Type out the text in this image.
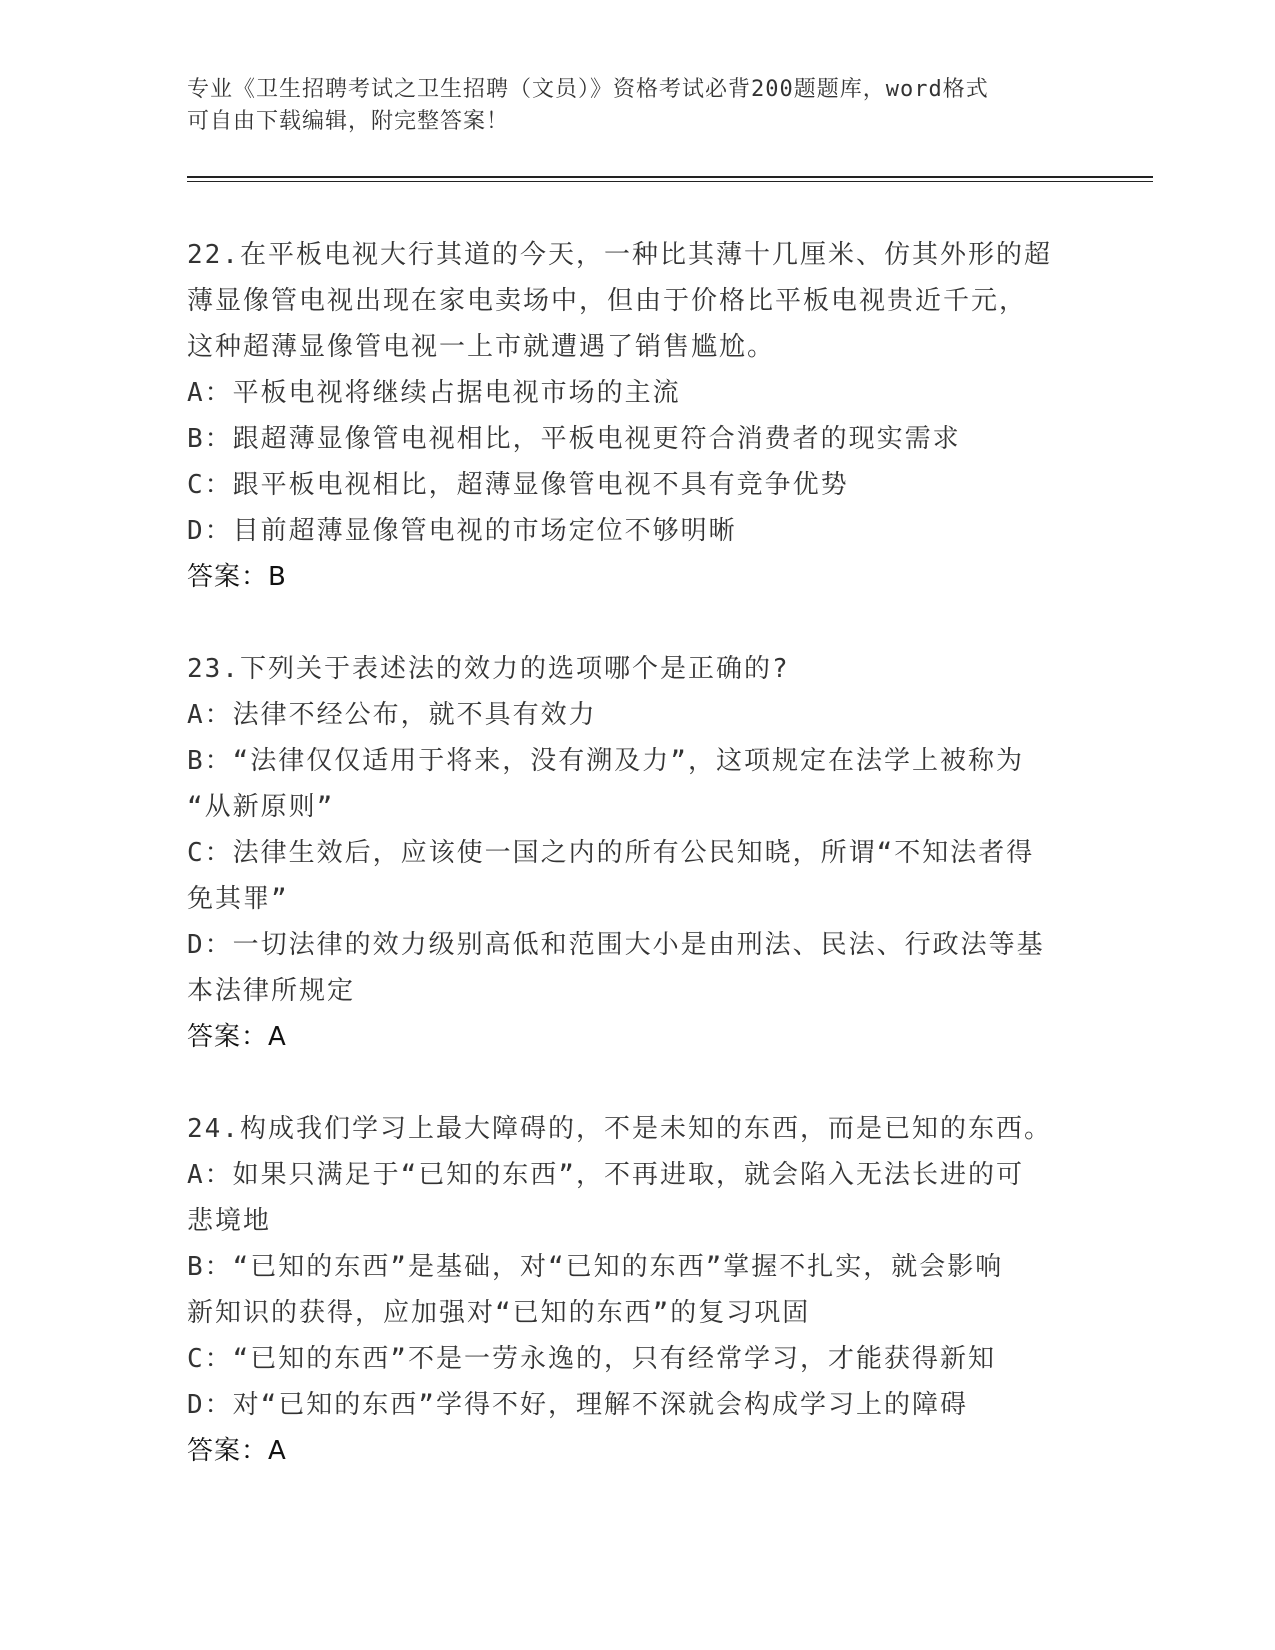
专业《卫生招聘考试之卫生招聘（文员）》资格考试必背200题题库，word格式
可自由下载编辑，附完整答案！
22.在平板电视大行其道的今天，一种比其薄十几厘米、仿其外形的超
薄显像管电视出现在家电卖场中，但由于价格比平板电视贵近千元，
这种超薄显像管电视一上市就遭遇了销售尴尬。
A：平板电视将继续占据电视市场的主流
B：跟超薄显像管电视相比，平板电视更符合消费者的现实需求
C：跟平板电视相比，超薄显像管电视不具有竞争优势
D：目前超薄显像管电视的市场定位不够明晰
答案：B
23.下列关于表述法的效力的选项哪个是正确的?
A：法律不经公布，就不具有效力
B：“法律仅仅适用于将来，没有溯及力”，这项规定在法学上被称为
“从新原则”
C：法律生效后，应该使一国之内的所有公民知晓，所谓“不知法者得
免其罪”
D：一切法律的效力级别高低和范围大小是由刑法、民法、行政法等基
本法律所规定
答案：A
24.构成我们学习上最大障碍的，不是未知的东西，而是已知的东西。
A：如果只满足于“已知的东西”，不再进取，就会陷入无法长进的可
悲境地
B：“已知的东西”是基础，对“已知的东西”掌握不扎实，就会影响
新知识的获得，应加强对“已知的东西”的复习巩固
C：“已知的东西”不是一劳永逸的，只有经常学习，才能获得新知
D：对“已知的东西”学得不好，理解不深就会构成学习上的障碍
答案：A
